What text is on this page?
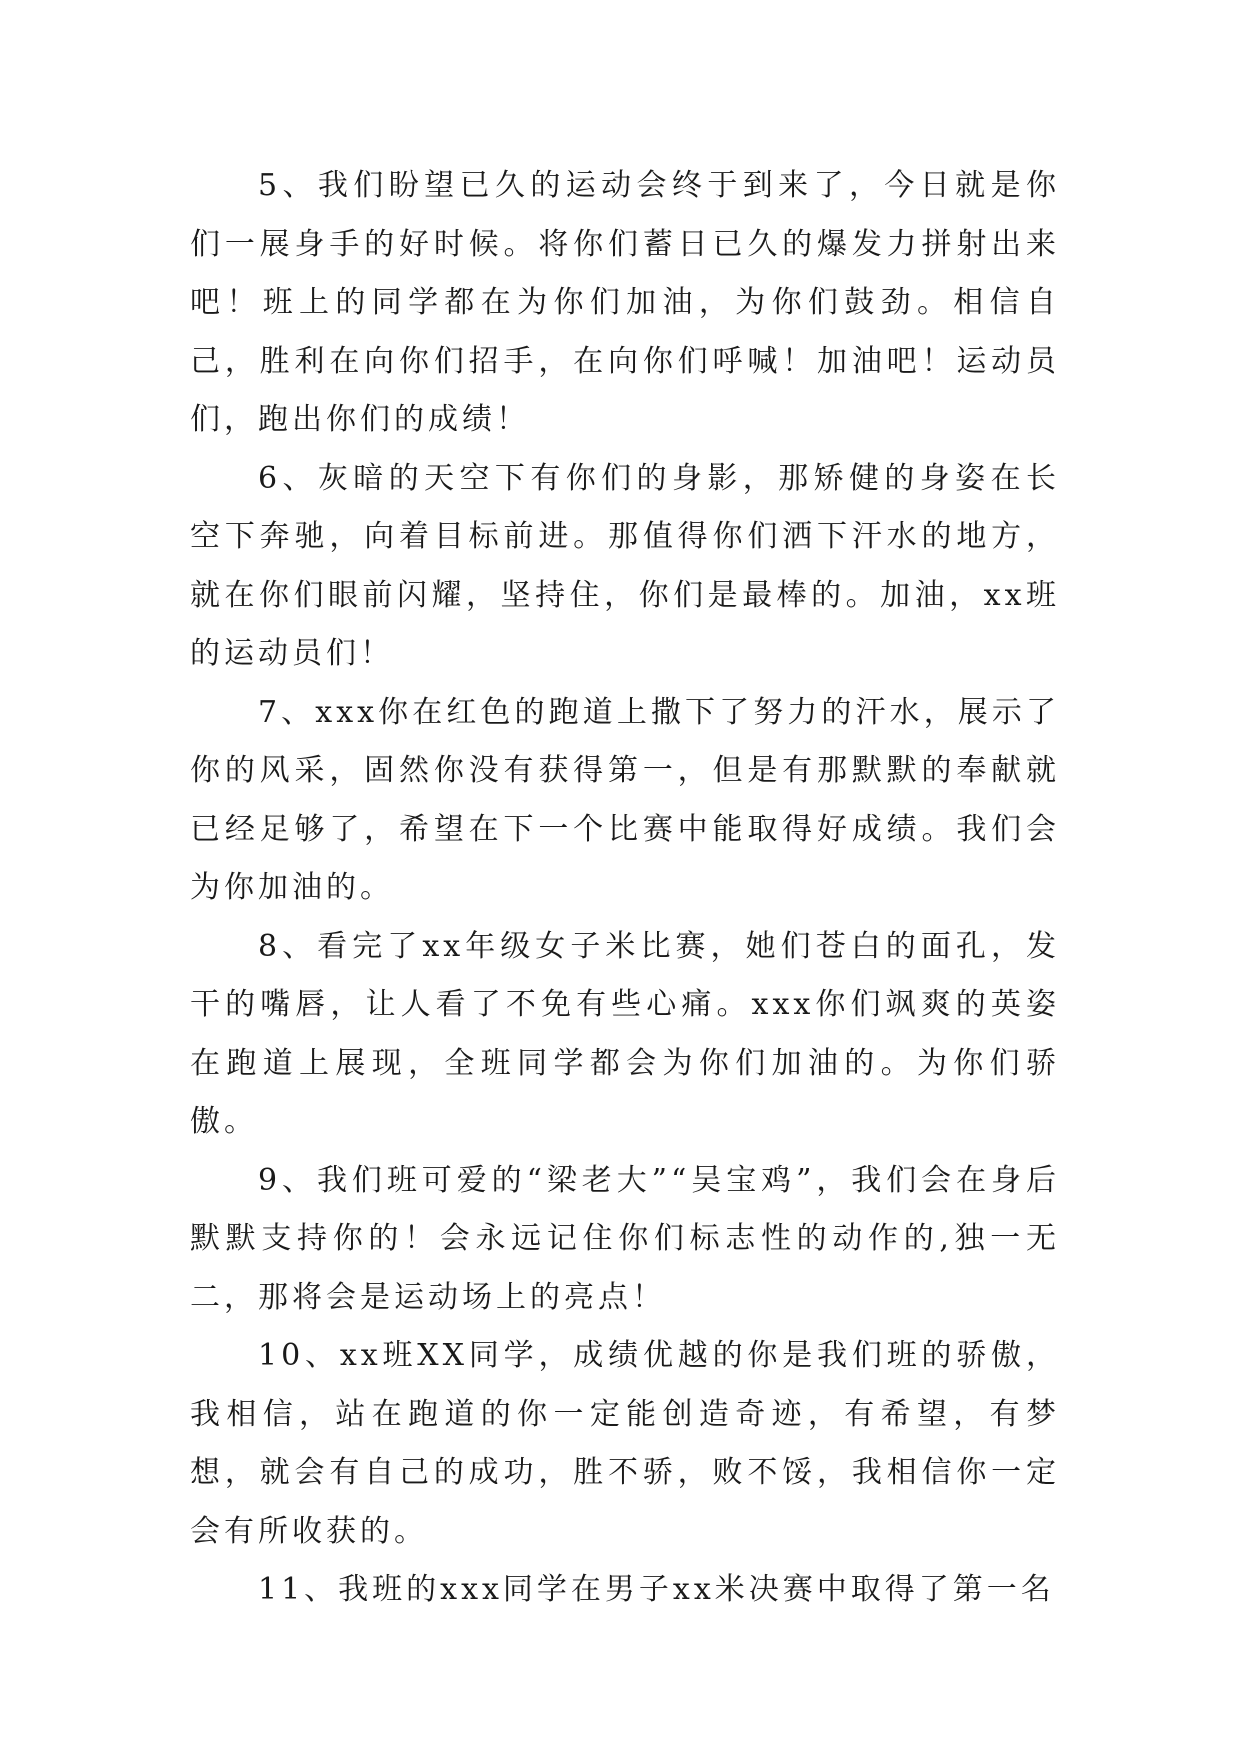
5、我们盼望已久的运动会终于到来了，今日就是你们一展身手的好时候。将你们蓄日已久的爆发力拼射出来吧！班上的同学都在为你们加油，为你们鼓劲。相信自己，胜利在向你们招手，在向你们呼喊！加油吧！运动员们，跑出你们的成绩！

6、灰暗的天空下有你们的身影，那矫健的身姿在长空下奔驰，向着目标前进。那值得你们洒下汗水的地方，就在你们眼前闪耀，坚持住，你们是最棒的。加油，xx班的运动员们！

7、xxx你在红色的跑道上撒下了努力的汗水，展示了你的风采，固然你没有获得第一，但是有那默默的奉献就已经足够了，希望在下一个比赛中能取得好成绩。我们会为你加油的。

8、看完了xx年级女子米比赛，她们苍白的面孔，发干的嘴唇，让人看了不免有些心痛。xxx你们飒爽的英姿在跑道上展现，全班同学都会为你们加油的。为你们骄傲。

9、我们班可爱的“梁老大”“吴宝鸡”，我们会在身后默默支持你的！会永远记住你们标志性的动作的,独一无二，那将会是运动场上的亮点！

10、xx班XX同学，成绩优越的你是我们班的骄傲，我相信，站在跑道的你一定能创造奇迹，有希望，有梦想，就会有自己的成功，胜不骄，败不馁，我相信你一定会有所收获的。

11、我班的xxx同学在男子xx米决赛中取得了第一名
